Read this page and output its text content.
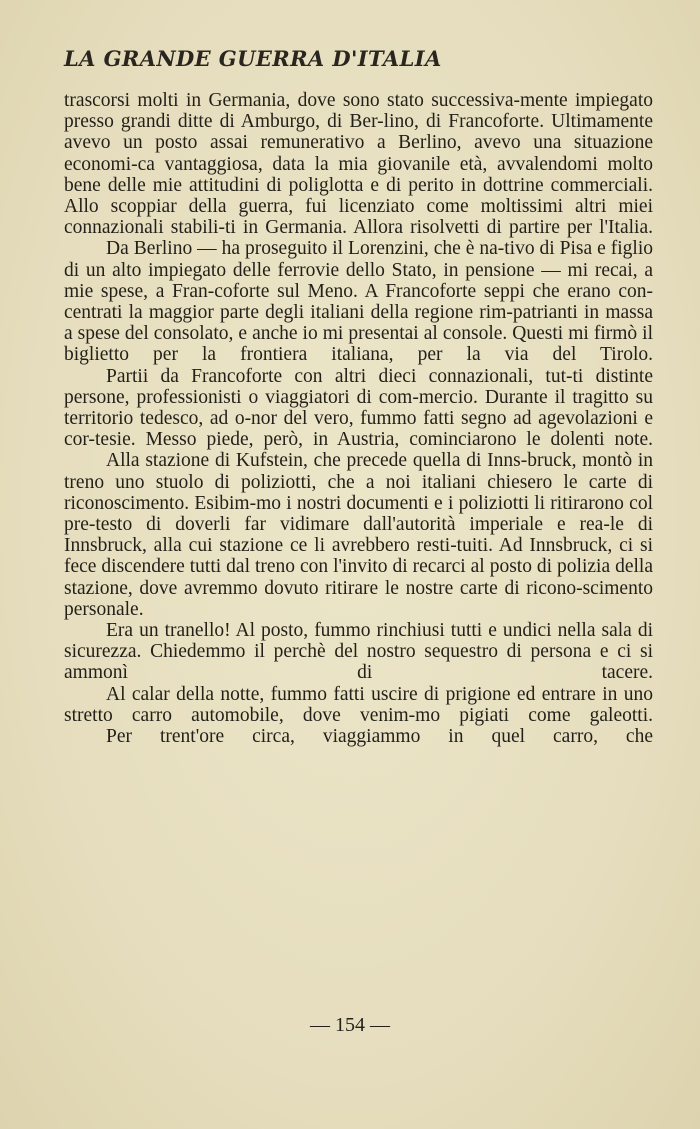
LA GRANDE GUERRA D'ITALIA

trascorsi molti in Germania, dove sono stato successiva-mente impiegato presso grandi ditte di Amburgo, di Ber-lino, di Francoforte. Ultimamente avevo un posto assai remunerativo a Berlino, avevo una situazione economi-ca vantaggiosa, data la mia giovanile età, avvalendomi molto bene delle mie attitudini di poliglotta e di perito in dottrine commerciali. Allo scoppiar della guerra, fui licenziato come moltissimi altri miei connazionali stabili-ti in Germania. Allora risolvetti di partire per l'Italia.

Da Berlino — ha proseguito il Lorenzini, che è na-tivo di Pisa e figlio di un alto impiegato delle ferrovie dello Stato, in pensione — mi recai, a mie spese, a Fran-coforte sul Meno. A Francoforte seppi che erano con-centrati la maggior parte degli italiani della regione rim-patrianti in massa a spese del consolato, e anche io mi presentai al console. Questi mi firmò il biglietto per la frontiera italiana, per la via del Tirolo.

Partii da Francoforte con altri dieci connazionali, tut-ti distinte persone, professionisti o viaggiatori di com-mercio. Durante il tragitto su territorio tedesco, ad o-nor del vero, fummo fatti segno ad agevolazioni e cor-tesie. Messo piede, però, in Austria, cominciarono le dolenti note.

Alla stazione di Kufstein, che precede quella di Inns-bruck, montò in treno uno stuolo di poliziotti, che a noi italiani chiesero le carte di riconoscimento. Esibim-mo i nostri documenti e i poliziotti li ritirarono col pre-testo di doverli far vidimare dall'autorità imperiale e rea-le di Innsbruck, alla cui stazione ce li avrebbero resti-tuiti. Ad Innsbruck, ci si fece discendere tutti dal treno con l'invito di recarci al posto di polizia della stazione, dove avremmo dovuto ritirare le nostre carte di ricono-scimento personale.

Era un tranello! Al posto, fummo rinchiusi tutti e undici nella sala di sicurezza. Chiedemmo il perchè del nostro sequestro di persona e ci si ammonì di tacere.

Al calar della notte, fummo fatti uscire di prigione ed entrare in uno stretto carro automobile, dove venim-mo pigiati come galeotti.

Per trent'ore circa, viaggiammo in quel carro, che

— 154 —
